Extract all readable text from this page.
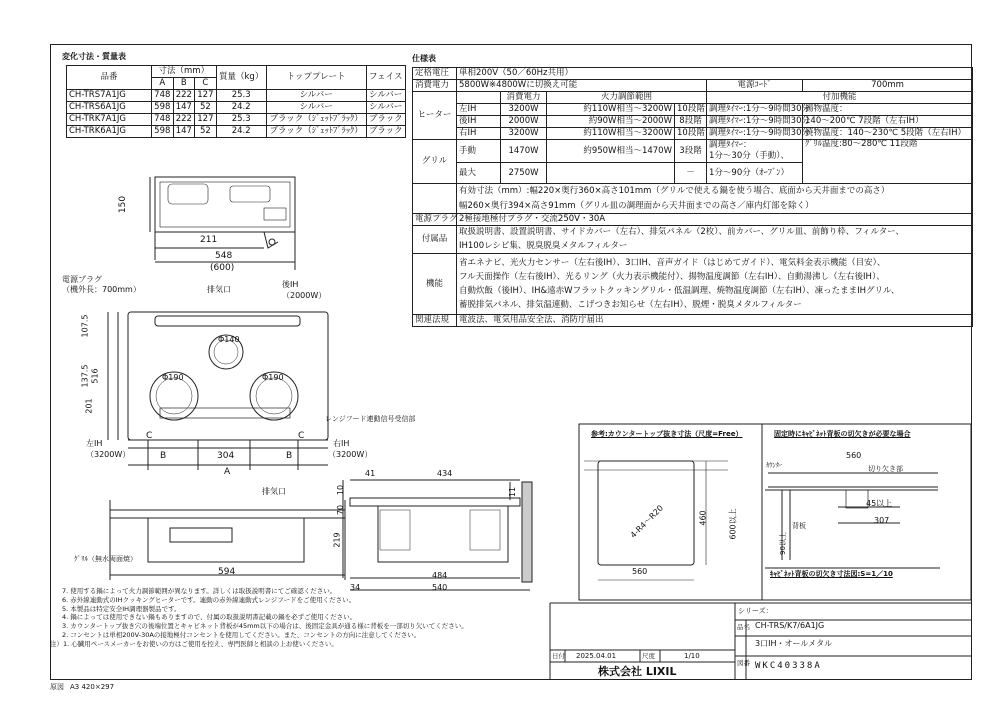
変化寸法・質量表
品番	寸法（mm）			質量（kg）	トッププレート	フェイス
	A	B	C			
CH-TRS7A1JG	748	222	127	25.3	シルバー	シルバー
CH-TRS6A1JG	598	147	52	24.2	シルバー	シルバー
CH-TRK7A1JG	748	222	127	25.3	ブラック（ｼﾞｪｯﾄﾌﾞﾗｯｸ）	ブラック
CH-TRK6A1JG	598	147	52	24.2	ブラック（ｼﾞｪｯﾄﾌﾞﾗｯｸ）	ブラック
仕様表
定格電圧	単相200V（50／60Hz共用）					
消費電力	5800W※4800Wに切換え可能				電源ｺｰﾄﾞ	700mm
ヒーター		消費電力	火力調節範囲		付加機能	
	左IH	3200W	約110W相当～3200W	10段階	調理ﾀｲﾏｰ:1分～9時間30分	揚物温度：
	後IH	2000W	約90W相当～2000W	8段階	調理ﾀｲﾏｰ:1分～9時間30分	140～200℃ 7段階（左右IH）
	右IH	3200W	約110W相当～3200W	10段階	調理ﾀｲﾏｰ:1分～9時間30分	焼物温度：140～230℃ 5段階（左右IH）
グリル	手動	1470W	約950W相当～1470W	3段階	調理ﾀｲﾏｰ：
1分～30分（手動）、	ｸﾞﾘﾙ温度:80～280℃ 11段階
	最大	2750W		－	1分～90分（ｵｰﾌﾞﾝ）	
	有効寸法（mm）:幅220×奥行360×高さ101mm（グリルで使える鍋を使う場合、底面から天井面までの高さ）
幅260×奥行394×高さ91mm（グリル皿の調理面から天井面までの高さ／庫内灯部を除く）					
電源プラグ	2極接地極付プラグ・交流250V・30A					
付属品	取扱説明書、設置説明書、サイドカバー（左右）、排気パネル（2枚）、前カバー、グリル皿、前飾り枠、フィルター、
IH100レシピ集、脱臭脱臭メタルフィルター					
機能	省エネナビ、光火力センサー（左右後IH）、3口IH、音声ガイド（はじめてガイド）、電気料金表示機能（目安）、
フル天面操作（左右後IH）、光るリング（火力表示機能付）、揚物温度調節（左右IH）、自動湯沸し（左右後IH）、
自動炊飯（後IH）、IH&遠赤Wフラットクッキングリル・低温調理、焼物温度調節（左右IH）、凍ったままIHグリル、
蓄脱排気パネル、排気温連動、こげつきお知らせ（左右IH）、脱煙・脱臭メタルフィルター					
関連法規	電波法、電気用品安全法、消防庁届出					
150
211
548
(600)
電源プラグ
（機外長：700mm）	排気口
後IH
（2000W）
Φ140
Φ190	Φ190
107.5
137.5 516
201
レンジフード連動信号受信部
左IH
（3200W）
右IH
（3200W）
C	C
B	B
304
A
排気口
ｸﾞﾘﾙ（無水両面焼）
594
41	434
11
10
70
219
484
540
34
参考:カウンタートップ抜き寸法（尺度=Free）
4-R4～R20
560
460	600以上
固定時にｷｬﾋﾞﾈｯﾄ背板の切欠きが必要な場合
560
ｶｳﾝﾀｰ	切り欠き部
45以上
307
背板
90以上
ｷｬﾋﾞﾈｯﾄ背板の切欠き寸法図:S=1／10
7. 使用する鍋によって火力調節範囲が異なります。詳しくは取扱説明書にてご確認ください。
6. 赤外線連動式のIHクッキングヒーターです。連動の赤外線連動式レンジフードをご使用ください。
5. 本製品は特定安全IH調理器製品です。
4. 鍋によっては使用できない鍋もありますので、付属の取扱説明書記載の鍋を必ずご使用ください。
3. カウンタートップ抜き穴の後端位置とキャビネット背板が45mm以下の場合は、後固定金具が通る様に背板を一部切り欠いてください。
2. コンセントは単相200V-30Aの接地極付コンセントを使用してください。また、コンセントの方向に注意してください。
注）1. 心臓用ペースメーカーをお使いの方はご使用を控え、専門医師と相談の上お使いください。
原図 A3 420×297
シリーズ：
CH-TRS/K7/6A1JG
品名
3口IH・オールメタル
図番 WKC40338A
日付 2025.04.01	尺度	1/10
株式会社 LIXIL
